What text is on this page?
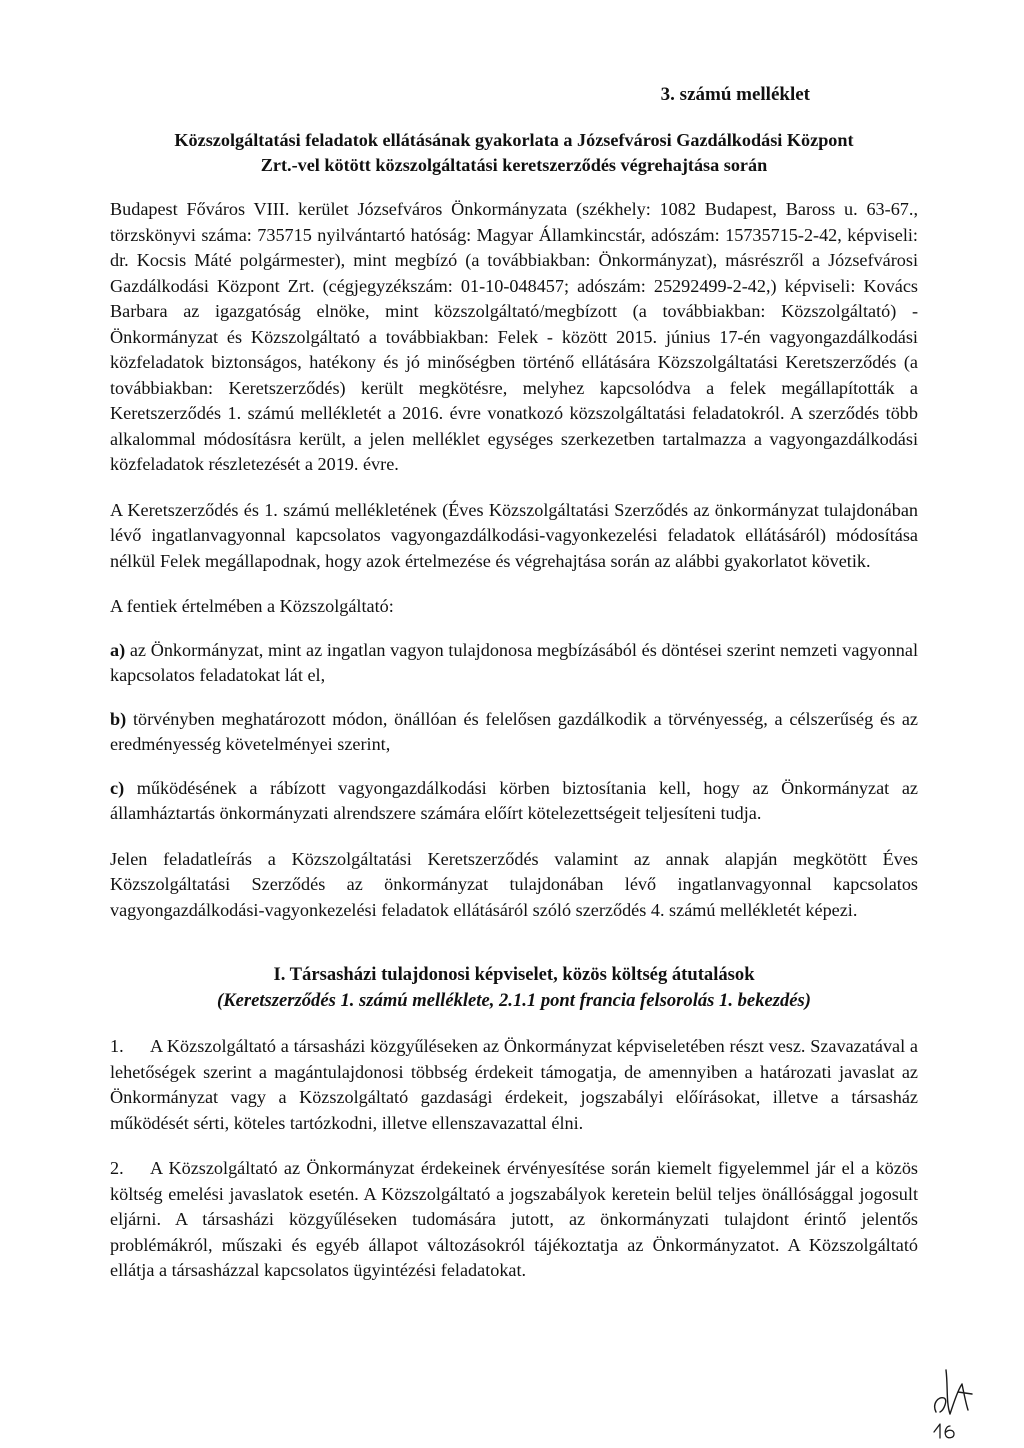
3. számú melléklet

Közszolgáltatási feladatok ellátásának gyakorlata a Józsefvárosi Gazdálkodási Központ
Zrt.-vel kötött közszolgáltatási keretszerződés végrehajtása során

Budapest Főváros VIII. kerület Józsefváros Önkormányzata (székhely: 1082 Budapest, Baross u. 63-67., törzskönyvi száma: 735715 nyilvántartó hatóság: Magyar Államkincstár, adószám: 15735715-2-42, képviseli: dr. Kocsis Máté polgármester), mint megbízó (a továbbiakban: Önkormányzat), másrészről a Józsefvárosi Gazdálkodási Központ Zrt. (cégjegyzékszám: 01-10-048457; adószám: 25292499-2-42,) képviseli: Kovács Barbara az igazgatóság elnöke, mint közszolgáltató/megbízott (a továbbiakban: Közszolgáltató) - Önkormányzat és Közszolgáltató a továbbiakban: Felek - között 2015. június 17-én vagyongazdálkodási közfeladatok biztonságos, hatékony és jó minőségben történő ellátására Közszolgáltatási Keretszerződés (a továbbiakban: Keretszerződés) került megkötésre, melyhez kapcsolódva a felek megállapították a Keretszerződés 1. számú mellékletét a 2016. évre vonatkozó közszolgáltatási feladatokról. A szerződés több alkalommal módosításra került, a jelen melléklet egységes szerkezetben tartalmazza a vagyongazdálkodási közfeladatok részletezését a 2019. évre.

A Keretszerződés és 1. számú mellékletének (Éves Közszolgáltatási Szerződés az önkormányzat tulajdonában lévő ingatlanvagyonnal kapcsolatos vagyongazdálkodási-vagyonkezelési feladatok ellátásáról) módosítása nélkül Felek megállapodnak, hogy azok értelmezése és végrehajtása során az alábbi gyakorlatot követik.

A fentiek értelmében a Közszolgáltató:

a) az Önkormányzat, mint az ingatlan vagyon tulajdonosa megbízásából és döntései szerint nemzeti vagyonnal kapcsolatos feladatokat lát el,

b) törvényben meghatározott módon, önállóan és felelősen gazdálkodik a törvényesség, a célszerűség és az eredményesség követelményei szerint,

c) működésének a rábízott vagyongazdálkodási körben biztosítania kell, hogy az Önkormányzat az államháztartás önkormányzati alrendszere számára előírt kötelezettségeit teljesíteni tudja.

Jelen feladatleírás a Közszolgáltatási Keretszerződés valamint az annak alapján megkötött Éves Közszolgáltatási Szerződés az önkormányzat tulajdonában lévő ingatlanvagyonnal kapcsolatos vagyongazdálkodási-vagyonkezelési feladatok ellátásáról szóló szerződés 4. számú mellékletét képezi.

I. Társasházi tulajdonosi képviselet, közös költség átutalások
(Keretszerződés 1. számú melléklete, 2.1.1 pont francia felsorolás 1. bekezdés)

1. A Közszolgáltató a társasházi közgyűléseken az Önkormányzat képviseletében részt vesz. Szavazatával a lehetőségek szerint a magántulajdonosi többség érdekeit támogatja, de amennyiben a határozati javaslat az Önkormányzat vagy a Közszolgáltató gazdasági érdekeit, jogszabályi előírásokat, illetve a társasház működését sérti, köteles tartózkodni, illetve ellenszavazattal élni.

2. A Közszolgáltató az Önkormányzat érdekeinek érvényesítése során kiemelt figyelemmel jár el a közös költség emelési javaslatok esetén. A Közszolgáltató a jogszabályok keretein belül teljes önállósággal jogosult eljárni. A társasházi közgyűléseken tudomására jutott, az önkormányzati tulajdont érintő jelentős problémákról, műszaki és egyéb állapot változásokról tájékoztatja az Önkormányzatot. A Közszolgáltató ellátja a társasházzal kapcsolatos ügyintézési feladatokat.
